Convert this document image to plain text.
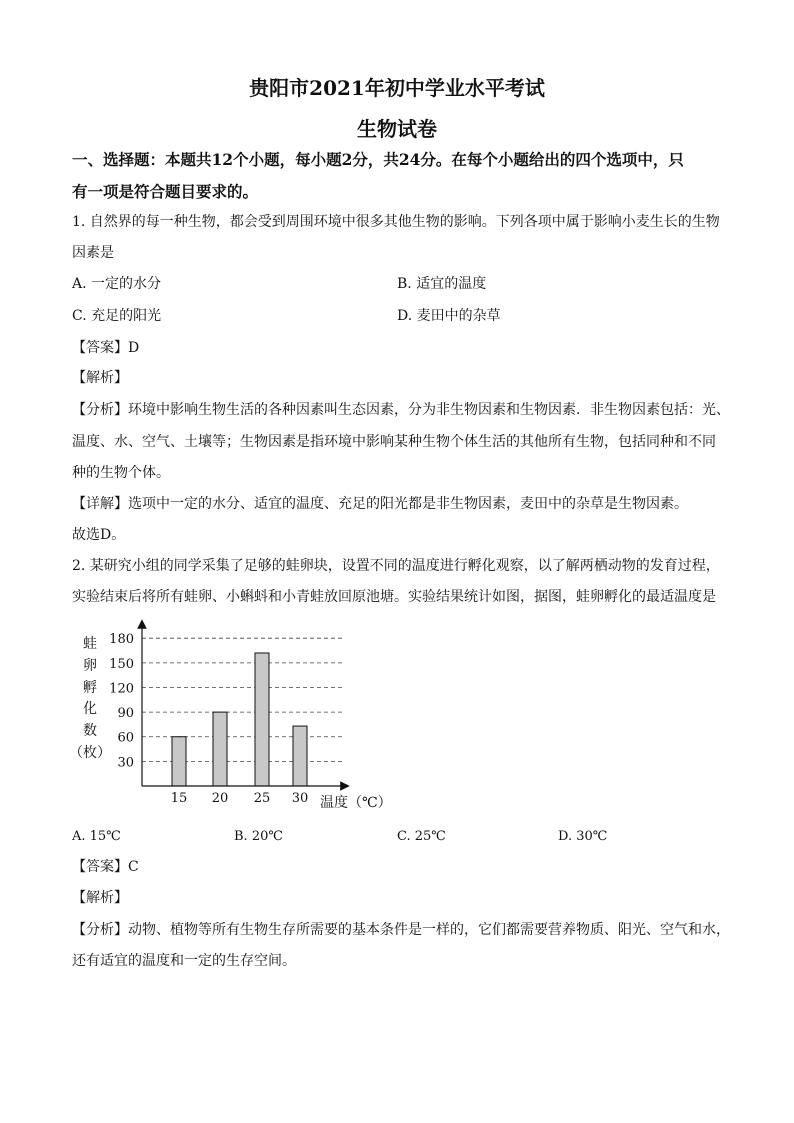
贵阳市2021年初中学业水平考试
生物试卷
一、选择题：本题共12个小题，每小题2分，共24分。在每个小题给出的四个选项中，只
有一项是符合题目要求的。
1. 自然界的每一种生物，都会受到周围环境中很多其他生物的影响。下列各项中属于影响小麦生长的生物
因素是
A. 一定的水分	B. 适宜的温度
C. 充足的阳光	D. 麦田中的杂草
【答案】D
【解析】
【分析】环境中影响生物生活的各种因素叫生态因素，分为非生物因素和生物因素．非生物因素包括：光、
温度、水、空气、土壤等；生物因素是指环境中影响某种生物个体生活的其他所有生物，包括同种和不同
种的生物个体。
【详解】选项中一定的水分、适宜的温度、充足的阳光都是非生物因素，麦田中的杂草是生物因素。
故选D。
2. 某研究小组的同学采集了足够的蛙卵块，设置不同的温度进行孵化观察，以了解两栖动物的发育过程，
实验结束后将所有蛙卵、小蝌蚪和小青蛙放回原池塘。实验结果统计如图，据图，蛙卵孵化的最适温度是
30
60
90
120
150
180
15 20 25 30
蛙
卵
孵
化
数
（枚）
温度（℃）
A. 15℃	B. 20℃	C. 25℃	D. 30℃
【答案】C
【解析】
【分析】动物、植物等所有生物生存所需要的基本条件是一样的，它们都需要营养物质、阳光、空气和水，
还有适宜的温度和一定的生存空间。
